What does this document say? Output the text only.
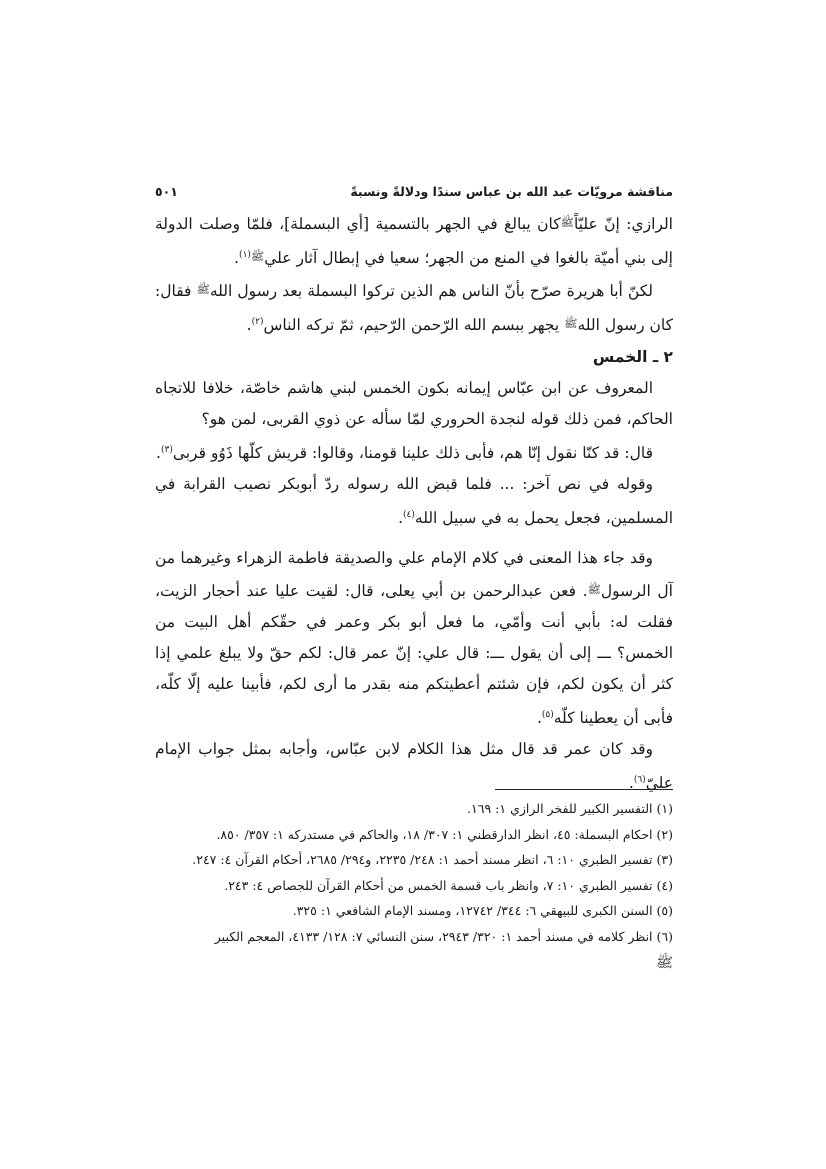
مناقشة مرويّات عبد الله بن عباس سندًا ودلالةً ونسبةً
٥٠١

الرازي: إنّ عليّاًﷺكان يبالغ في الجهر بالتسمية [أي البسملة]، فلمّا وصلت الدولة إلى بني أميّة بالغوا في المنع من الجهر؛ سعيا في إبطال آثار عليﷺ$^{(١)}$.

لكنّ أبا هريرة صرّح بأنّ الناس هم الذين تركوا البسملة بعد رسول اللهﷺ فقال: كان رسول اللهﷺ يجهر ببسم الله الرّحمن الرّحيم، ثمّ تركه الناس$^{(٢)}$.

٢ ـ الخمس

المعروف عن ابن عبّاس إيمانه بكون الخمس لبني هاشم خاصّة، خلافا للاتجاه الحاكم، فمن ذلك قوله لنجدة الحروري لمّا سأله عن ذوي القربى، لمن هو؟

قال: قد كنّا نقول إنّا هم، فأبى ذلك علينا قومنا، وقالوا: قريش كلّها ذَوُو قربى$^{(٣)}$.

وقوله في نص آخر: ... فلما قبض الله رسوله ردّ أبوبكر نصيب القرابة في المسلمين، فجعل يحمل به في سبيل الله$^{(٤)}$.

وقد جاء هذا المعنى في كلام الإمام علي والصديقة فاطمة الزهراء وغيرهما من آل الرسولﷺ. فعن عبدالرحمن بن أبي يعلى، قال: لقيت عليا عند أحجار الزيت، فقلت له: بأبي أنت وأمّي، ما فعل أبو بكر وعمر في حقّكم أهل البيت من الخمس؟ ـــ إلى أن يقول ـــ: قال علي: إنّ عمر قال: لكم حقّ ولا يبلغ علمي إذا كثر أن يكون لكم، فإن شئتم أعطيتكم منه بقدر ما أرى لكم، فأبينا عليه إلّا كلّه، فأبى أن يعطينا كلّه$^{(٥)}$.

وقد كان عمر قد قال مثل هذا الكلام لابن عبّاس، وأجابه بمثل جواب الإمام عليّ$^{(٦)}$.

(١) التفسير الكبير للفخر الرازي ١: ١٦٩.

(٢) احكام البسملة: ٤٥، انظر الدارقطني ١: ٣٠٧/ ١٨، والحاكم في مستدركه ١: ٣٥٧/ ٨٥٠.

(٣) تفسير الطبري ١٠: ٦، انظر مسند أحمد ١: ٢٤٨/ ٢٢٣٥، و٢٩٤/ ٢٦٨٥، أحكام القرآن ٤: ٢٤٧.

(٤) تفسير الطبري ١٠: ٧، وانظر باب قسمة الخمس من أحكام القرآن للجصاص ٤: ٢٤٣.

(٥) السنن الكبرى للبيهقي ٦: ٣٤٤/ ١٢٧٤٢، ومسند الإمام الشافعي ١: ٣٢٥.

(٦) انظر كلامه في مسند أحمد ١: ٣٢٠/ ٢٩٤٣، سنن النسائي ٧: ١٢٨/ ٤١٣٣، المعجم الكبير

ﷺ
